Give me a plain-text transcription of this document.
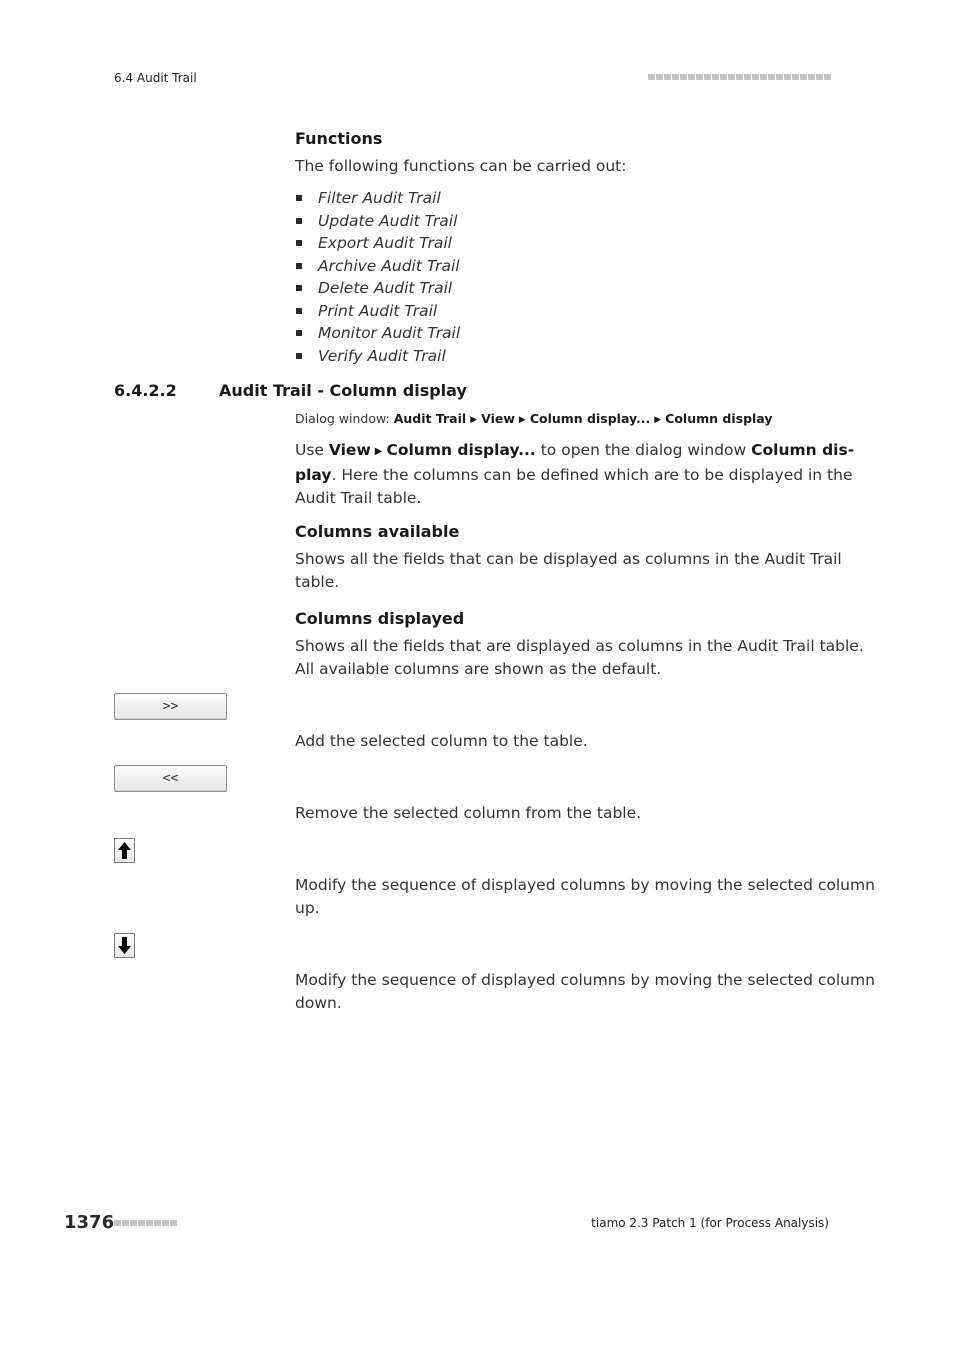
6.4 Audit Trail
Functions
The following functions can be carried out:
Filter Audit Trail
Update Audit Trail
Export Audit Trail
Archive Audit Trail
Delete Audit Trail
Print Audit Trail
Monitor Audit Trail
Verify Audit Trail
6.4.2.2	Audit Trail - Column display
Dialog window: Audit Trail ▶ View ▶ Column display... ▶ Column display
Use View ▶ Column display... to open the dialog window Column dis-
play. Here the columns can be defined which are to be displayed in the
Audit Trail table.
Columns available
Shows all the fields that can be displayed as columns in the Audit Trail
table.
Columns displayed
Shows all the fields that are displayed as columns in the Audit Trail table.
All available columns are shown as the default.
>>
Add the selected column to the table.
<<
Remove the selected column from the table.
Modify the sequence of displayed columns by moving the selected column
up.
Modify the sequence of displayed columns by moving the selected column
down.
1376	tiamo 2.3 Patch 1 (for Process Analysis)
